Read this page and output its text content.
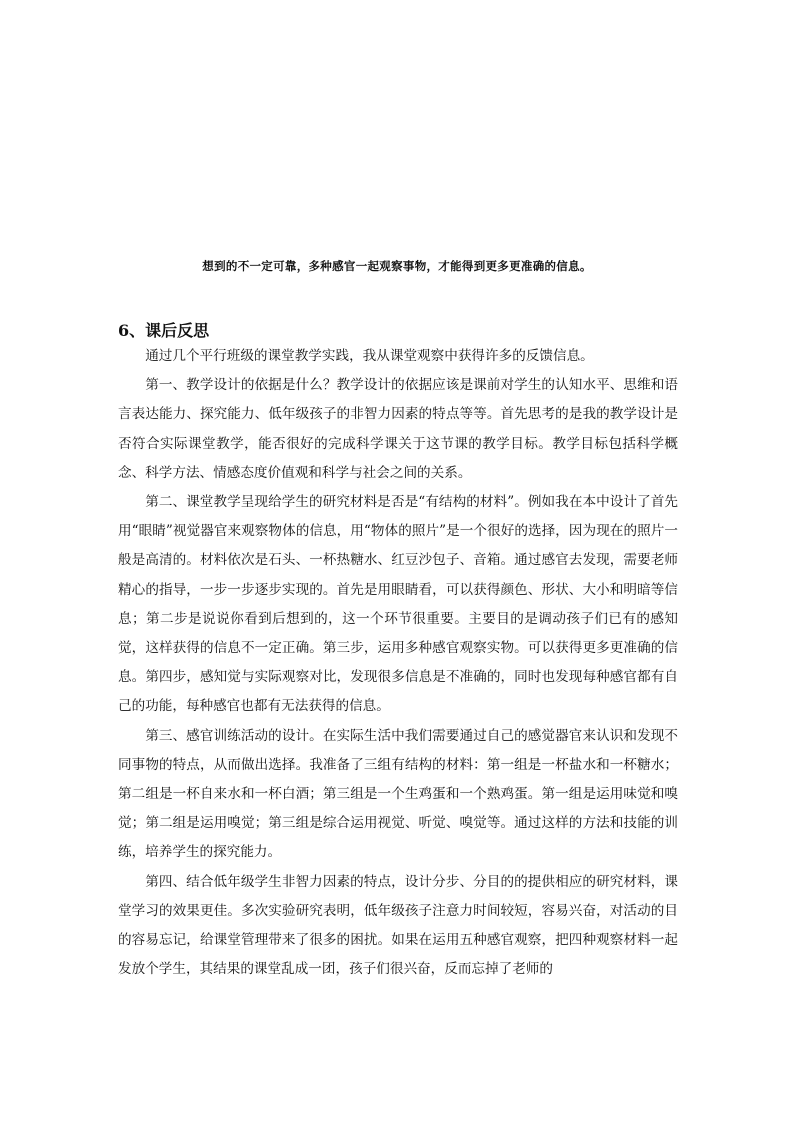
想到的不一定可靠，多种感官一起观察事物，才能得到更多更准确的信息。
6、课后反思

通过几个平行班级的课堂教学实践，我从课堂观察中获得许多的反馈信息。

第一、教学设计的依据是什么？教学设计的依据应该是课前对学生的认知水平、思维和语言表达能力、探究能力、低年级孩子的非智力因素的特点等等。首先思考的是我的教学设计是否符合实际课堂教学，能否很好的完成科学课关于这节课的教学目标。教学目标包括科学概念、科学方法、情感态度价值观和科学与社会之间的关系。

第二、课堂教学呈现给学生的研究材料是否是“有结构的材料”。例如我在本中设计了首先用“眼睛”视觉器官来观察物体的信息，用“物体的照片”是一个很好的选择，因为现在的照片一般是高清的。材料依次是石头、一杯热糖水、红豆沙包子、音箱。通过感官去发现，需要老师精心的指导，一步一步逐步实现的。首先是用眼睛看，可以获得颜色、形状、大小和明暗等信息；第二步是说说你看到后想到的，这一个环节很重要。主要目的是调动孩子们已有的感知觉，这样获得的信息不一定正确。第三步，运用多种感官观察实物。可以获得更多更准确的信息。第四步，感知觉与实际观察对比，发现很多信息是不准确的，同时也发现每种感官都有自己的功能，每种感官也都有无法获得的信息。

第三、感官训练活动的设计。在实际生活中我们需要通过自己的感觉器官来认识和发现不同事物的特点，从而做出选择。我准备了三组有结构的材料：第一组是一杯盐水和一杯糖水；第二组是一杯自来水和一杯白酒；第三组是一个生鸡蛋和一个熟鸡蛋。第一组是运用味觉和嗅觉；第二组是运用嗅觉；第三组是综合运用视觉、听觉、嗅觉等。通过这样的方法和技能的训练，培养学生的探究能力。

第四、结合低年级学生非智力因素的特点，设计分步、分目的的提供相应的研究材料，课堂学习的效果更佳。多次实验研究表明，低年级孩子注意力时间较短，容易兴奋，对活动的目的容易忘记，给课堂管理带来了很多的困扰。如果在运用五种感官观察，把四种观察材料一起发放个学生，其结果的课堂乱成一团，孩子们很兴奋，反而忘掉了老师的
